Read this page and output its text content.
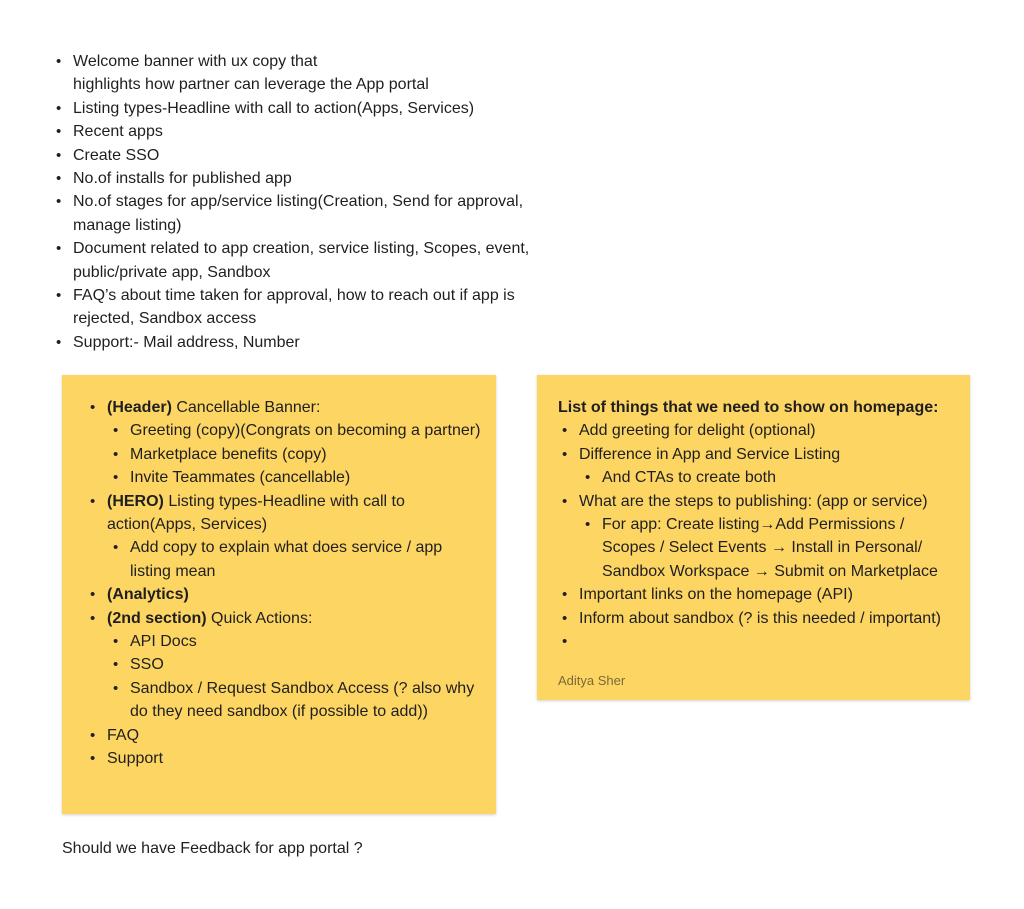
• Welcome banner with ux copy that
highlights how partner can leverage the App portal
• Listing types-Headline with call to action(Apps, Services)
• Recent apps
• Create SSO
• No.of installs for published app
• No.of stages for app/service listing(Creation, Send for approval, manage listing)
• Document related to app creation, service listing, Scopes, event, public/private app, Sandbox
• FAQ’s about time taken for approval, how to reach out if app is rejected, Sandbox access
• Support:- Mail address, Number
• (Header) Cancellable Banner:
• Greeting (copy)(Congrats on becoming a partner)
• Marketplace benefits (copy)
• Invite Teammates (cancellable)
• (HERO) Listing types-Headline with call to action(Apps, Services)
• Add copy to explain what does service / app listing mean
• (Analytics)
• (2nd section) Quick Actions:
• API Docs
• SSO
• Sandbox / Request Sandbox Access (? also why do they need sandbox (if possible to add))
• FAQ
• Support
List of things that we need to show on homepage:
• Add greeting for delight (optional)
• Difference in App and Service Listing
• And CTAs to create both
• What are the steps to publishing: (app or service)
• For app: Create listing→Add Permissions / Scopes / Select Events → Install in Personal/ Sandbox Workspace → Submit on Marketplace
• Important links on the homepage (API)
• Inform about sandbox (? is this needed / important)
•
Aditya Sher
Should we have Feedback for app portal ?
